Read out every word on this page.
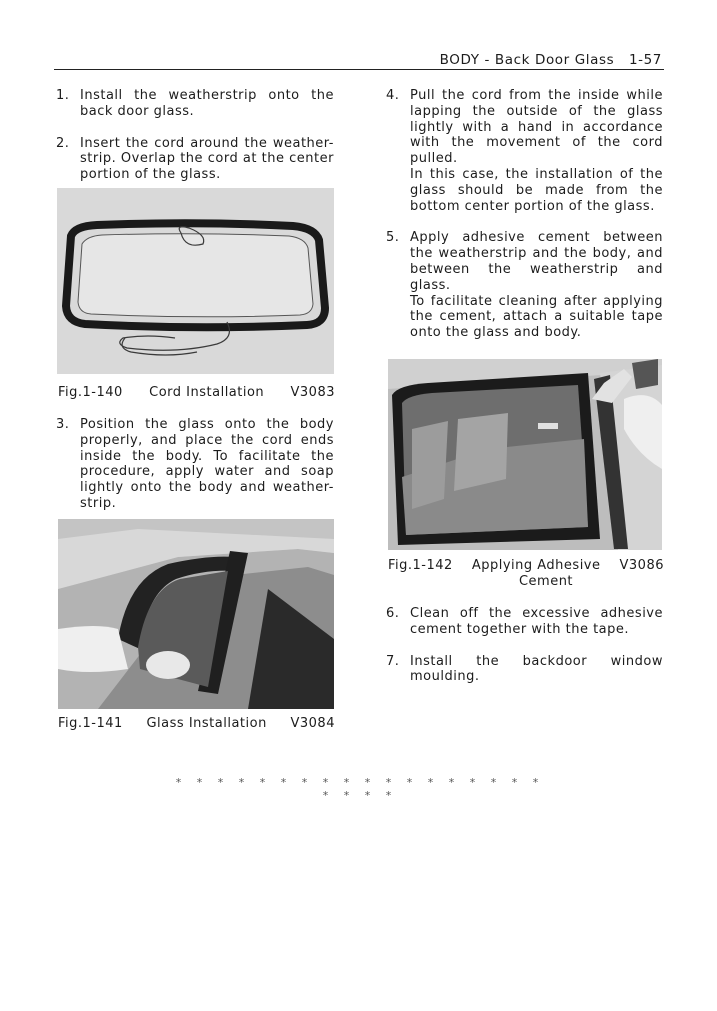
BODY - Back Door Glass 1-57
1. Install the weatherstrip onto the back door glass.

2. Insert the cord around the weather-strip. Overlap the cord at the center portion of the glass.

Fig.1-140 Cord Installation V3083
3. Position the glass onto the body properly, and place the cord ends inside the body. To facilitate the procedure, apply water and soap lightly onto the body and weather-strip.

Fig.1-141 Glass Installation V3084
4. Pull the cord from the inside while lapping the outside of the glass lightly with a hand in accordance with the movement of the cord pulled.

In this case, the installation of the glass should be made from the bottom center portion of the glass.

5. Apply adhesive cement between the weatherstrip and the body, and between the weatherstrip and glass.

To facilitate cleaning after applying the cement, attach a suitable tape onto the glass and body.

Fig.1-142 Applying Adhesive V3086
Cement
6. Clean off the excessive adhesive cement together with the tape.

7. Install the backdoor window moulding.

* * * * * * * * * * * * * * * * * * * * * *
